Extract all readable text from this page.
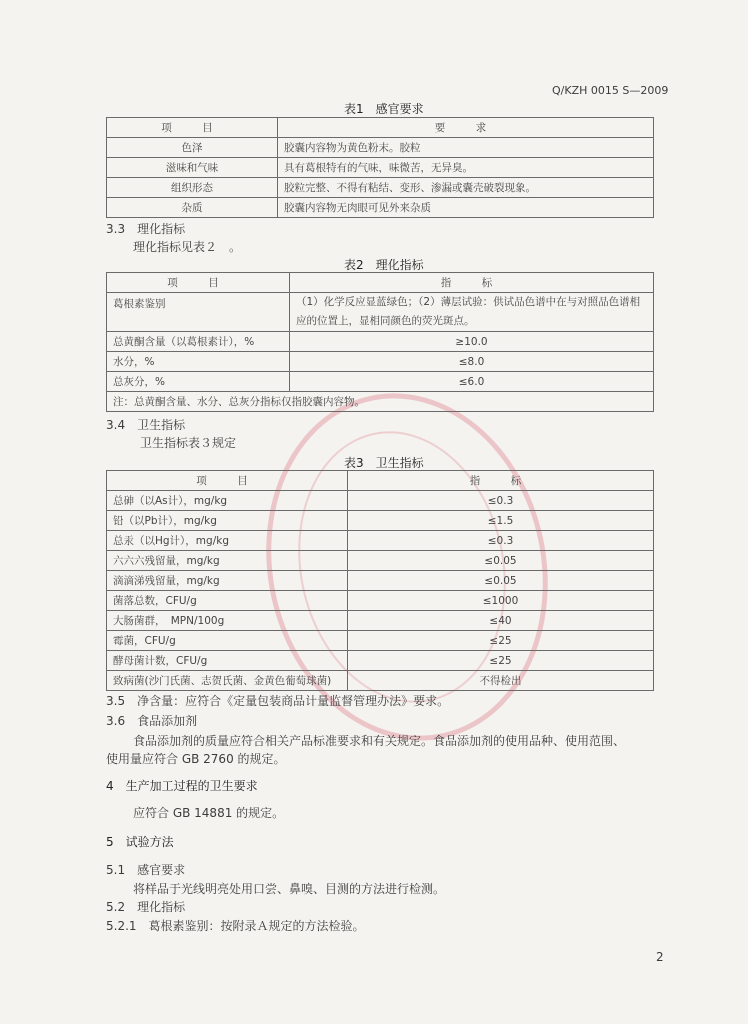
Q/KZH 0015 S—2009
表1　感官要求
项　目	要　求
色泽	胶囊内容物为黄色粉末。胶粒
滋味和气味	具有葛根特有的气味，味微苦，无异臭。
组织形态	胶粒完整、不得有粘结、变形、渗漏或囊壳破裂现象。
杂质	胶囊内容物无肉眼可见外来杂质
3.3　理化指标
理化指标见表２　。
表2　理化指标
项　目	指　标
葛根素鉴别	（1）化学反应显蓝绿色；（2）薄层试验：供试品色谱中在与对照品色谱相
应的位置上，显相同颜色的荧光斑点。

总黄酮含量（以葛根素计），%	≥10.0
水分，%	≤8.0
总灰分，%	≤6.0
注：总黄酮含量、水分、总灰分指标仅指胶囊内容物。	
3.4　卫生指标
卫生指标表３规定
表3　卫生指标
项　目	指　标
总砷（以As计），mg/kg	≤0.3
铅（以Pb计），mg/kg	≤1.5
总汞（以Hg计），mg/kg	≤0.3
六六六残留量，mg/kg	≤0.05
滴滴涕残留量，mg/kg	≤0.05
菌落总数，CFU/g	≤1000
大肠菌群，　MPN/100g	≤40
霉菌，CFU/g	≤25
酵母菌计数，CFU/g	≤25
致病菌(沙门氏菌、志贺氏菌、金黄色葡萄球菌)	不得检出
3.5　净含量：应符合《定量包装商品计量监督管理办法》要求。
3.6　食品添加剂
食品添加剂的质量应符合相关产品标准要求和有关规定。食品添加剂的使用品种、使用范围、
使用量应符合 GB 2760 的规定。
4　生产加工过程的卫生要求
应符合 GB 14881 的规定。
5　试验方法
5.1　感官要求
将样品于光线明亮处用口尝、鼻嗅、目测的方法进行检测。
5.2　理化指标
5.2.1　葛根素鉴别：按附录Ａ规定的方法检验。
2
